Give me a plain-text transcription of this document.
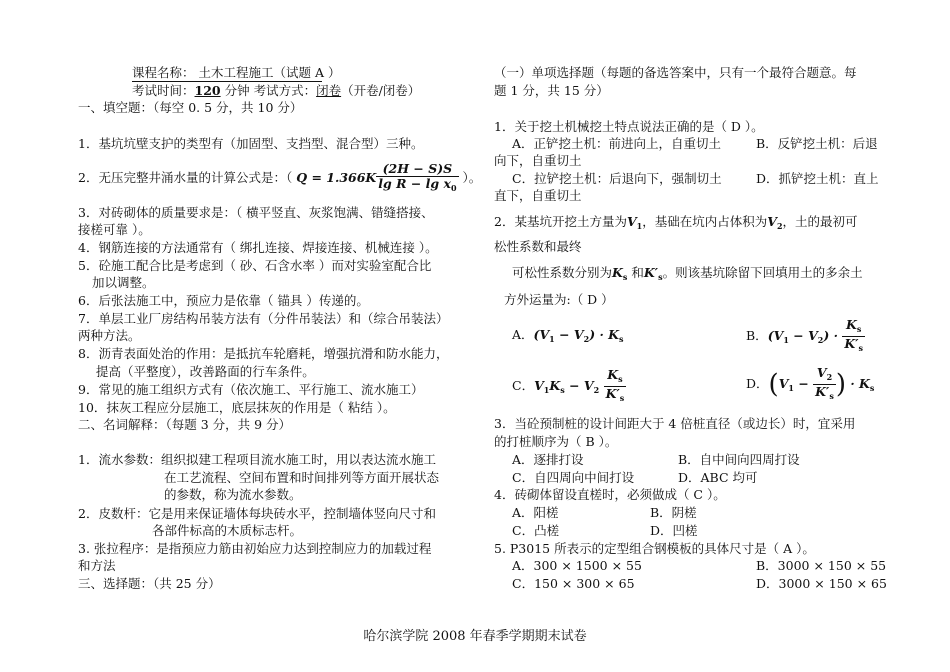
课程名称： 土木工程施工（试题 A ）
考试时间：120 分钟 考试方式：闭卷（开卷/闭卷）
一、填空题：（每空 0. 5 分，共 10 分）
1．基坑坑壁支护的类型有（加固型、支挡型、混合型）三种。
2．无压完整井涌水量的计算公式是：（ $Q = 1.366K \frac{(2H - S)S}{\lg R - \lg x_0}$ ）。
3．对砖砌体的质量要求是：（ 横平竖直、灰浆饱满、错缝搭接、
接槎可靠 ）。
4．钢筋连接的方法通常有（ 绑扎连接、焊接连接、机械连接 ）。
5．砼施工配合比是考虑到（ 砂、石含水率 ）而对实验室配合比
加以调整。
6．后张法施工中，预应力是依靠（ 锚具 ）传递的。
7．单层工业厂房结构吊装方法有（分件吊装法）和（综合吊装法）
两种方法。
8．沥青表面处治的作用：是抵抗车轮磨耗，增强抗滑和防水能力，
提高（平整度），改善路面的行车条件。
9．常见的施工组织方式有（依次施工、平行施工、流水施工）
10．抹灰工程应分层施工，底层抹灰的作用是（ 粘结 ）。
二、名词解释：（每题 3 分，共 9 分）
1．流水参数：组织拟建工程项目流水施工时，用以表达流水施工
在工艺流程、空间布置和时间排列等方面开展状态
的参数，称为流水参数。
2．皮数杆：它是用来保证墙体每块砖水平，控制墙体竖向尺寸和
各部件标高的木质标志杆。
3. 张拉程序：是指预应力筋由初始应力达到控制应力的加载过程
和方法
三、选择题：（共 25 分）
（一）单项选择题（每题的备选答案中，只有一个最符合题意。每
题 1 分，共 15 分）
1．关于挖土机械挖土特点说法正确的是（ D ）。
A．正铲挖土机：前进向上，自重切土	B．反铲挖土机：后退
向下，自重切土
C．拉铲挖土机：后退向下，强制切土	D．抓铲挖土机：直上
直下，自重切土
2．某基坑开挖土方量为$V_1$，基础在坑内占体积为$V_2$，土的最初可
松性系数和最终
可松性系数分别为$K_s$ 和$K'_s$。则该基坑除留下回填用土的多余土
方外运量为:（ D ）
A．$(V_1 - V_2) \cdot K_s$	B．$(V_1 - V_2) \cdot \frac{K_s}{K'_s}$
C．$V_1K_s - V_2 \frac{K_s}{K'_s}$	D．($V_1 - \frac{V_2}{K'_s}$ ) · $K_s$
3．当砼预制桩的设计间距大于 4 倍桩直径（或边长）时，宜采用
的打桩顺序为（ B ）。
A．逐排打设	B．自中间向四周打设
C．自四周向中间打设	D．ABC 均可
4．砖砌体留设直槎时，必须做成（ C ）。
A．阳槎	B．阴槎
C．凸槎	D．凹槎
5. P3015 所表示的定型组合钢模板的具体尺寸是（ A ）。
A．300 × 1500 × 55	B．3000 × 150 × 55
C．150 × 300 × 65	D．3000 × 150 × 65
哈尔滨学院 2008 年春季学期期末试卷
